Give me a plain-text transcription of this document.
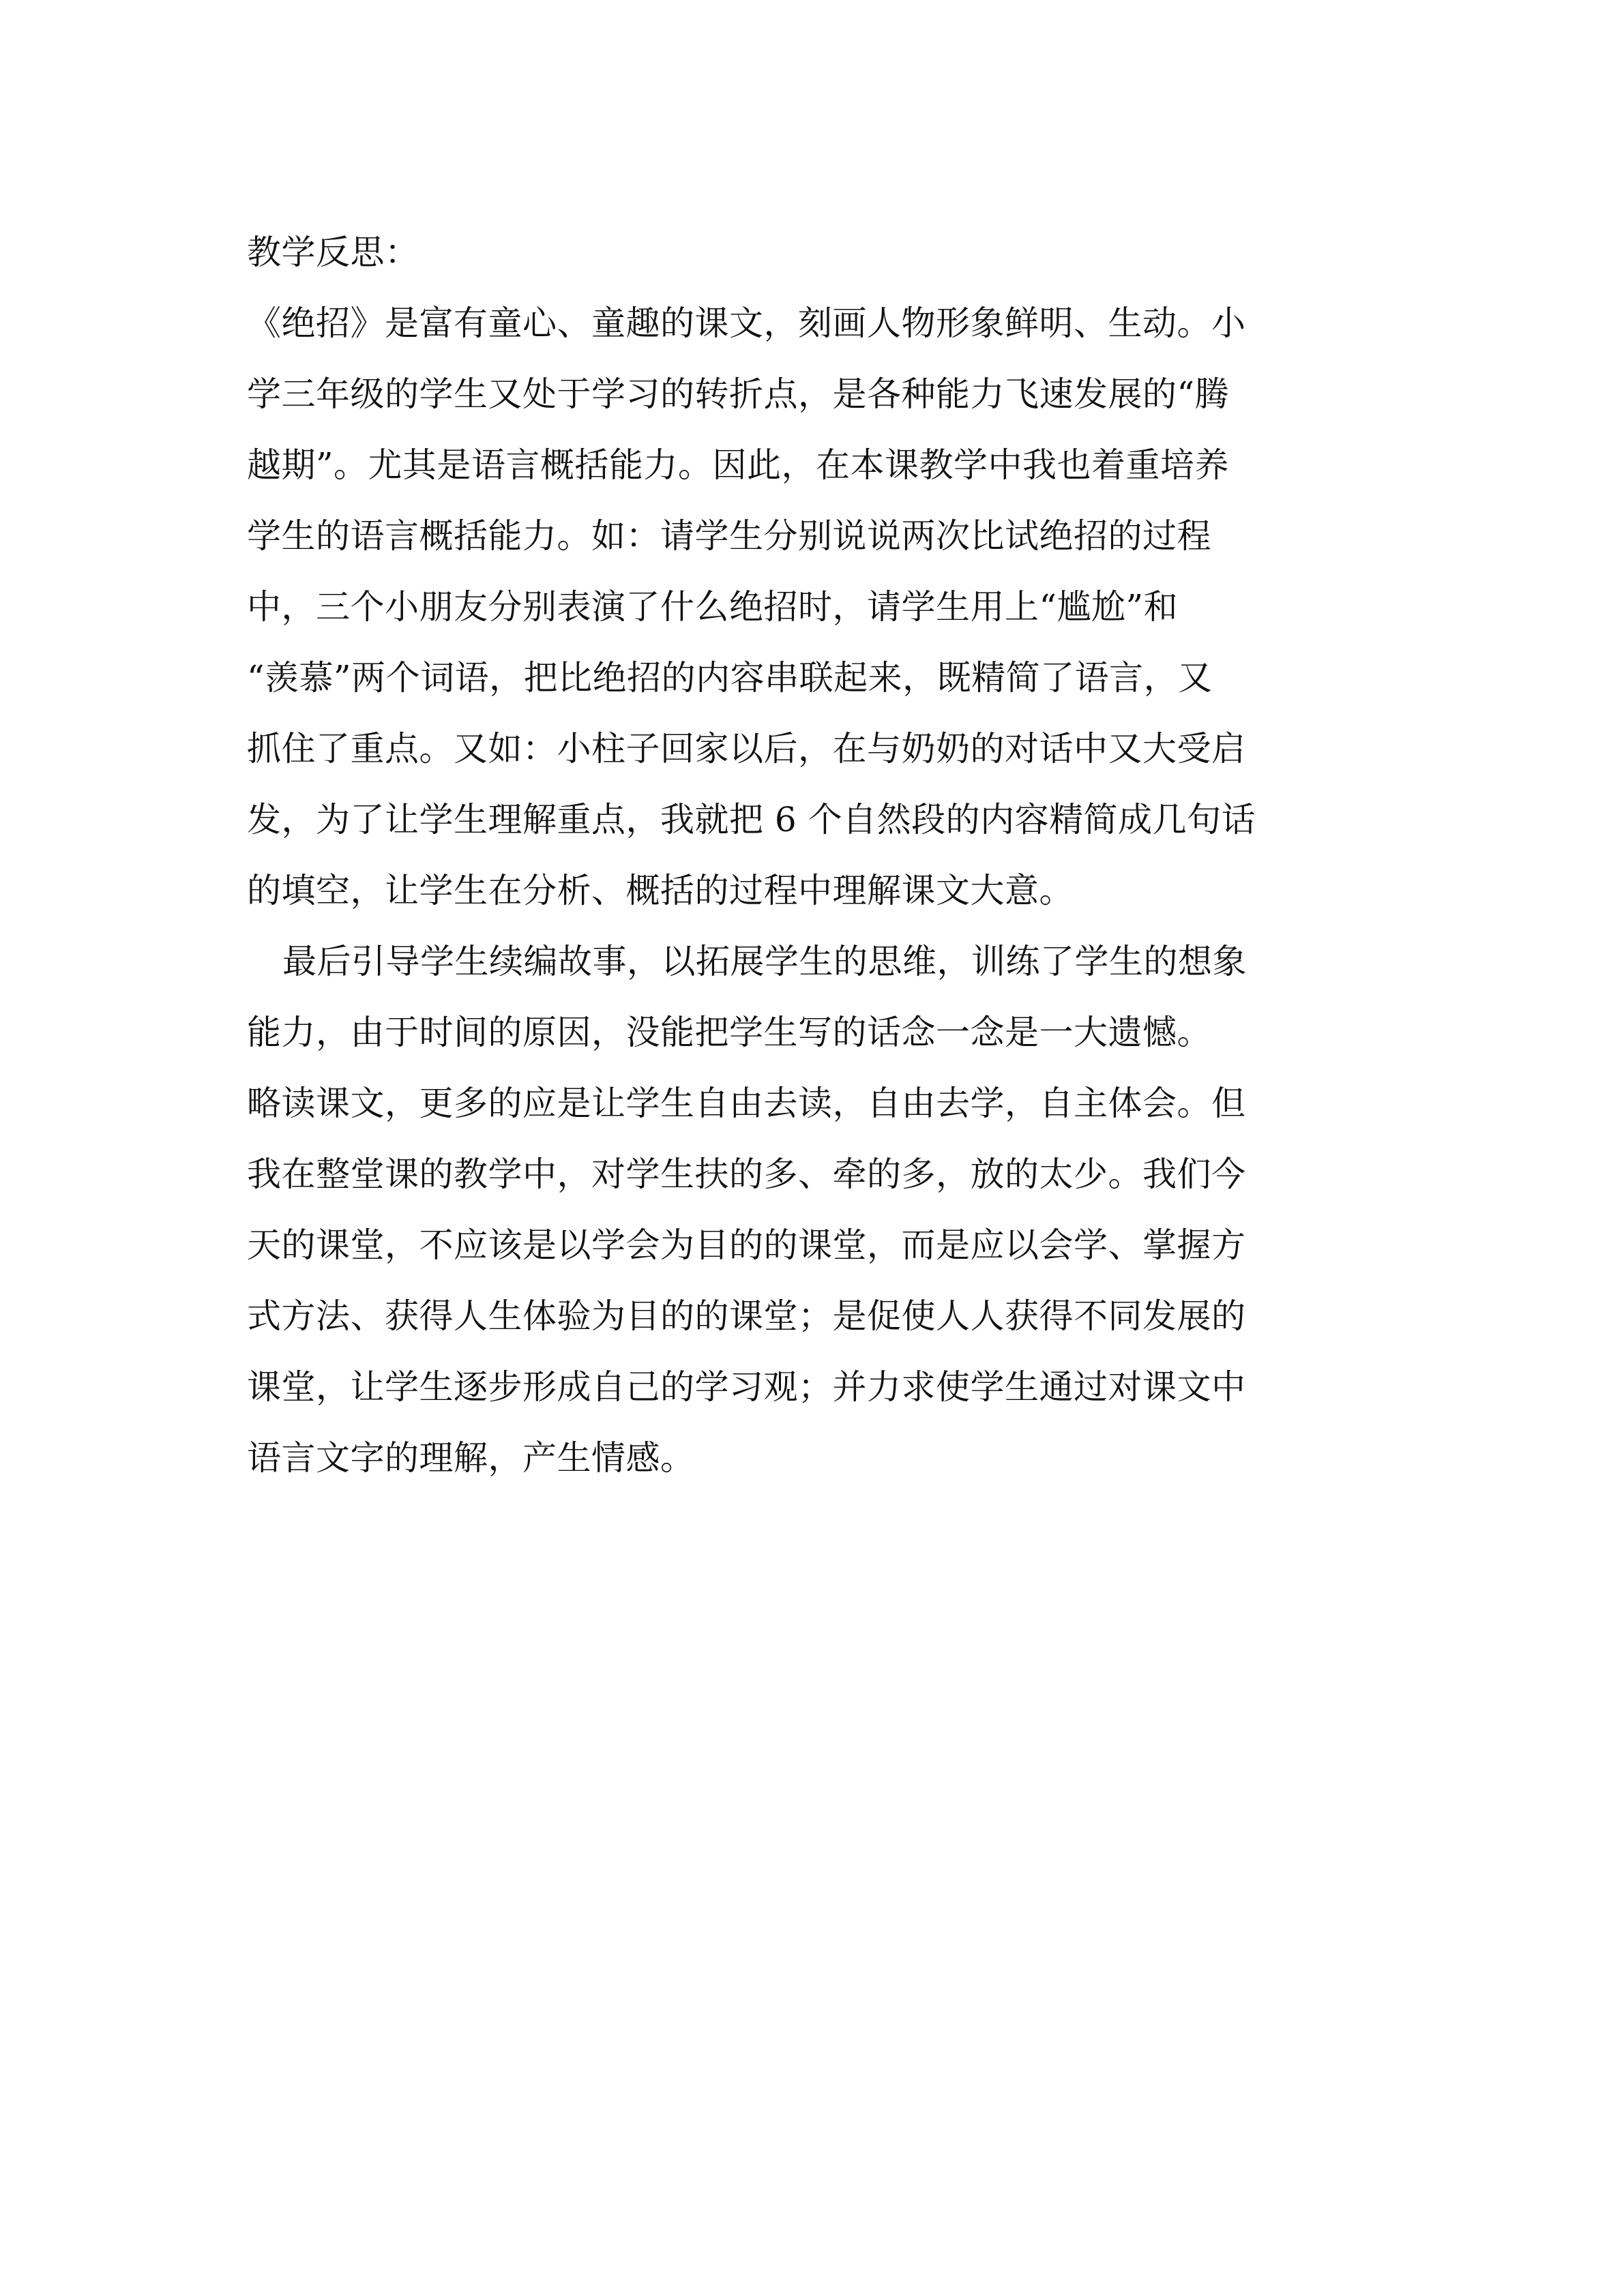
教学反思：
《绝招》是富有童心、童趣的课文，刻画人物形象鲜明、生动。小
学三年级的学生又处于学习的转折点，是各种能力飞速发展的“腾
越期”。尤其是语言概括能力。因此，在本课教学中我也着重培养
学生的语言概括能力。如：请学生分别说说两次比试绝招的过程
中，三个小朋友分别表演了什么绝招时，请学生用上“尴尬”和
“羡慕”两个词语，把比绝招的内容串联起来，既精简了语言，又
抓住了重点。又如：小柱子回家以后，在与奶奶的对话中又大受启
发，为了让学生理解重点，我就把 6 个自然段的内容精简成几句话
的填空，让学生在分析、概括的过程中理解课文大意。
最后引导学生续编故事，以拓展学生的思维，训练了学生的想象
能力，由于时间的原因，没能把学生写的话念一念是一大遗憾。
略读课文，更多的应是让学生自由去读，自由去学，自主体会。但
我在整堂课的教学中，对学生扶的多、牵的多，放的太少。我们今
天的课堂，不应该是以学会为目的的课堂，而是应以会学、掌握方
式方法、获得人生体验为目的的课堂；是促使人人获得不同发展的
课堂，让学生逐步形成自己的学习观；并力求使学生通过对课文中
语言文字的理解，产生情感。
